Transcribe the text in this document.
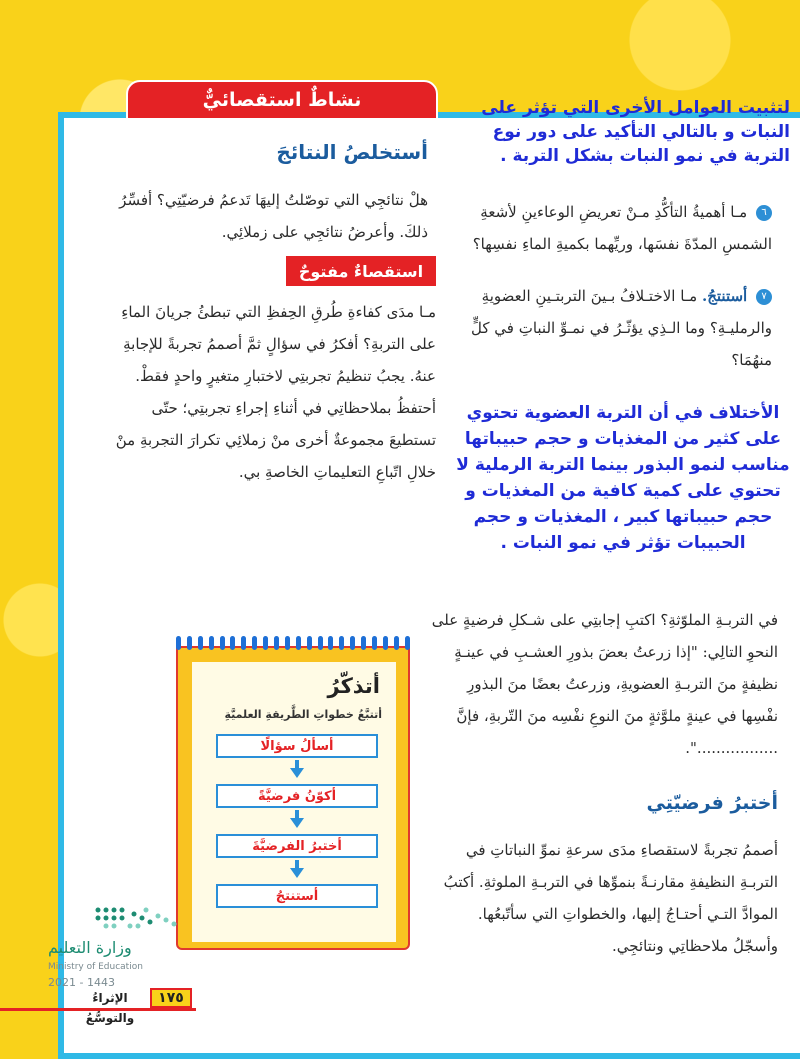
نشاطٌ استقصائيٌّ	لتثبيت العوامل الأخرى التي تؤثر على النبات و بالتالي التأكيد على دور نوع التربة في نمو النبات بشكل التربة .
أستخلصُ النتائجَ
هلْ نتائجِي التي توصّلتُ إليهَا تَدعمُ فرضيّتِي؟ أفسِّرُ ذلكَ. وأعرضُ نتائجِي على زملائِي.
استقصاءٌ مفتوحٌ
مـا مدَى كفاءةِ طُرقِ الحِفظِ التي تبطئُ جريانَ الماءِ على التربةِ؟ أفكرُ في سؤالٍ ثمَّ أصممُ تجربةً للإجابةِ عنهُ. يجبُ تنظيمُ تجربتِي لاختبارِ متغيرٍ واحدٍ فقطْ. أحتفظُ بملاحظاتِي في أثناءِ إجراءِ تجربتِي؛ حتّى تستطيعَ مجموعةٌ أخرى منْ زملائِي تكرارَ التجربةِ منْ خلالِ اتّباعِ التعليماتِ الخاصةِ بي.
٦ مـا أهميةُ التأكُّدِ مـنْ تعريضِ الوعاءينِ لأشعةِ الشمسِ المدّةَ نفسَها، وريِّهما بكميةِ الماءِ نفسِها؟
٧ أستنتجُ. مـا الاختـلافُ بـينَ التربتـينِ العضويةِ والرمليـةِ؟ وما الـذِي يؤثّـرُ في نمـوِّ النباتِ في كلٍّ منهُمَا؟
الأختلاف في أن التربة العضوية تحتوي على كثير من المغذيات و حجم حبيباتها مناسب لنمو البذور بينما التربة الرملية لا تحتوي على كمية كافية من المغذيات و حجم حبيباتها كبير ، المغذيات و حجم الحبيبات تؤثر في نمو النبات .
في التربـةِ الملوّثةِ؟ اكتبِ إجابتِي على شـكلِ فرضيةٍ على النحوِ التالِي: "إذا زرعتُ بعضَ بذورِ العشـبِ في عينـةٍ نظيفةٍ منَ التربـةِ العضويةِ، وزرعتُ بعضًا منَ البذورِ نفْسِها في عينةٍ ملوَّثةٍ منَ النوعِ نفْسِه منَ التّربةِ، فإنَّ .................".
أختبرُ فرضيّتِي
أصممُ تجربةً لاستقصاءِ مدَى سرعةِ نموِّ النباتاتِ في التربـةِ النظيفةِ مقارنـةً بنموِّها في التربـةِ الملوثةِ. أكتبُ الموادَّ التـي أحتـاجُ إليها، والخطواتِ التي سأتّبعُها. وأسجّلُ ملاحظاتِي ونتائجِي.
أتذكّرُ
أتتبَّعُ خطواتِ الطَّريقةِ العلميَّةِ
أسألُ سؤالًا
أكوّنُ فرضيَّةً
أختبرُ الفرضيَّةَ
أستنتجُ
وزارة التعليم
Ministry of Education
2021 - 1443
الإثراءُ والتوسُّعُ
١٧٥
